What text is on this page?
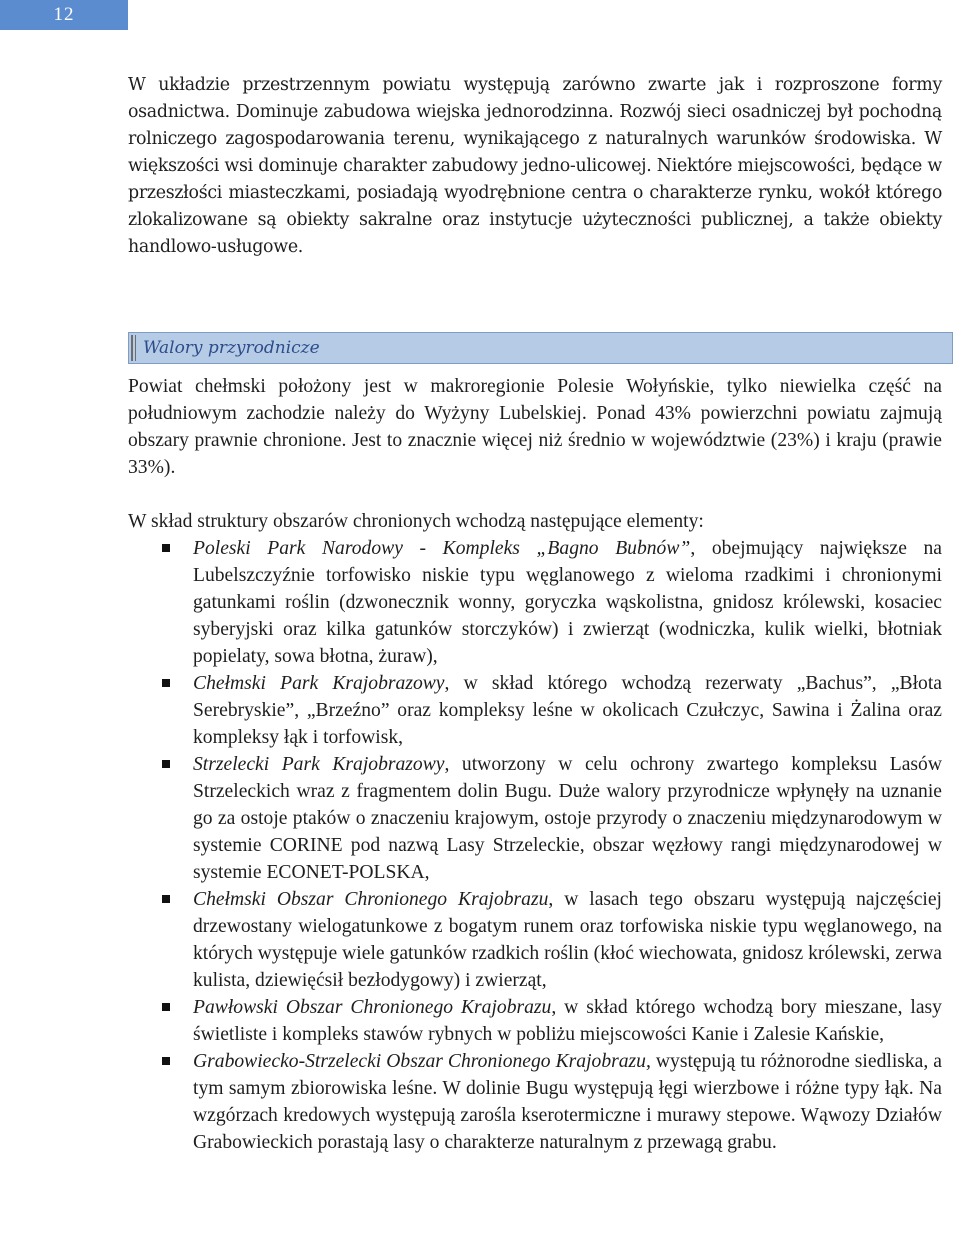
12

W układzie przestrzennym powiatu występują zarówno zwarte jak i rozproszone formy osadnictwa. Dominuje zabudowa wiejska jednorodzinna. Rozwój sieci osadniczej był pochodną rolniczego zagospodarowania terenu, wynikającego z naturalnych warunków środowiska. W większości wsi dominuje charakter zabudowy jedno-ulicowej. Niektóre miejscowości, będące w przeszłości miasteczkami, posiadają wyodrębnione centra o charakterze rynku, wokół którego zlokalizowane są obiekty sakralne oraz instytucje użyteczności publicznej, a także obiekty handlowo-usługowe.

Walory przyrodnicze

Powiat chełmski położony jest w makroregionie Polesie Wołyńskie, tylko niewielka część na południowym zachodzie należy do Wyżyny Lubelskiej. Ponad 43% powierzchni powiatu zajmują obszary prawnie chronione. Jest to znacznie więcej niż średnio w województwie (23%) i kraju (prawie 33%).

W skład struktury obszarów chronionych wchodzą następujące elementy:

Poleski Park Narodowy - Kompleks „Bagno Bubnów”, obejmujący największe na Lubelszczyźnie torfowisko niskie typu węglanowego z wieloma rzadkimi i chronionymi gatunkami roślin (dzwonecznik wonny, goryczka wąskolistna, gnidosz królewski, kosaciec syberyjski oraz kilka gatunków storczyków) i zwierząt (wodniczka, kulik wielki, błotniak popielaty, sowa błotna, żuraw),
Chełmski Park Krajobrazowy, w skład którego wchodzą rezerwaty „Bachus”, „Błota Serebryskie”, „Brzeźno” oraz kompleksy leśne w okolicach Czułczyc, Sawina i Żalina oraz kompleksy łąk i torfowisk,
Strzelecki Park Krajobrazowy, utworzony w celu ochrony zwartego kompleksu Lasów Strzeleckich wraz z fragmentem dolin Bugu. Duże walory przyrodnicze wpłynęły na uznanie go za ostoje ptaków o znaczeniu krajowym, ostoje przyrody o znaczeniu międzynarodowym w systemie CORINE pod nazwą Lasy Strzeleckie, obszar węzłowy rangi międzynarodowej w systemie ECONET-POLSKA,
Chełmski Obszar Chronionego Krajobrazu, w lasach tego obszaru występują najczęściej drzewostany wielogatunkowe z bogatym runem oraz torfowiska niskie typu węglanowego, na których występuje wiele gatunków rzadkich roślin (kłoć wiechowata, gnidosz królewski, zerwa kulista, dziewięćsił bezłodygowy) i zwierząt,
Pawłowski Obszar Chronionego Krajobrazu, w skład którego wchodzą bory mieszane, lasy świetliste i kompleks stawów rybnych w pobliżu miejscowości Kanie i Zalesie Kańskie,
Grabowiecko-Strzelecki Obszar Chronionego Krajobrazu, występują tu różnorodne siedliska, a tym samym zbiorowiska leśne. W dolinie Bugu występują łęgi wierzbowe i różne typy łąk. Na wzgórzach kredowych występują zarośla kserotermiczne i murawy stepowe. Wąwozy Działów Grabowieckich porastają lasy o charakterze naturalnym z przewagą grabu.
